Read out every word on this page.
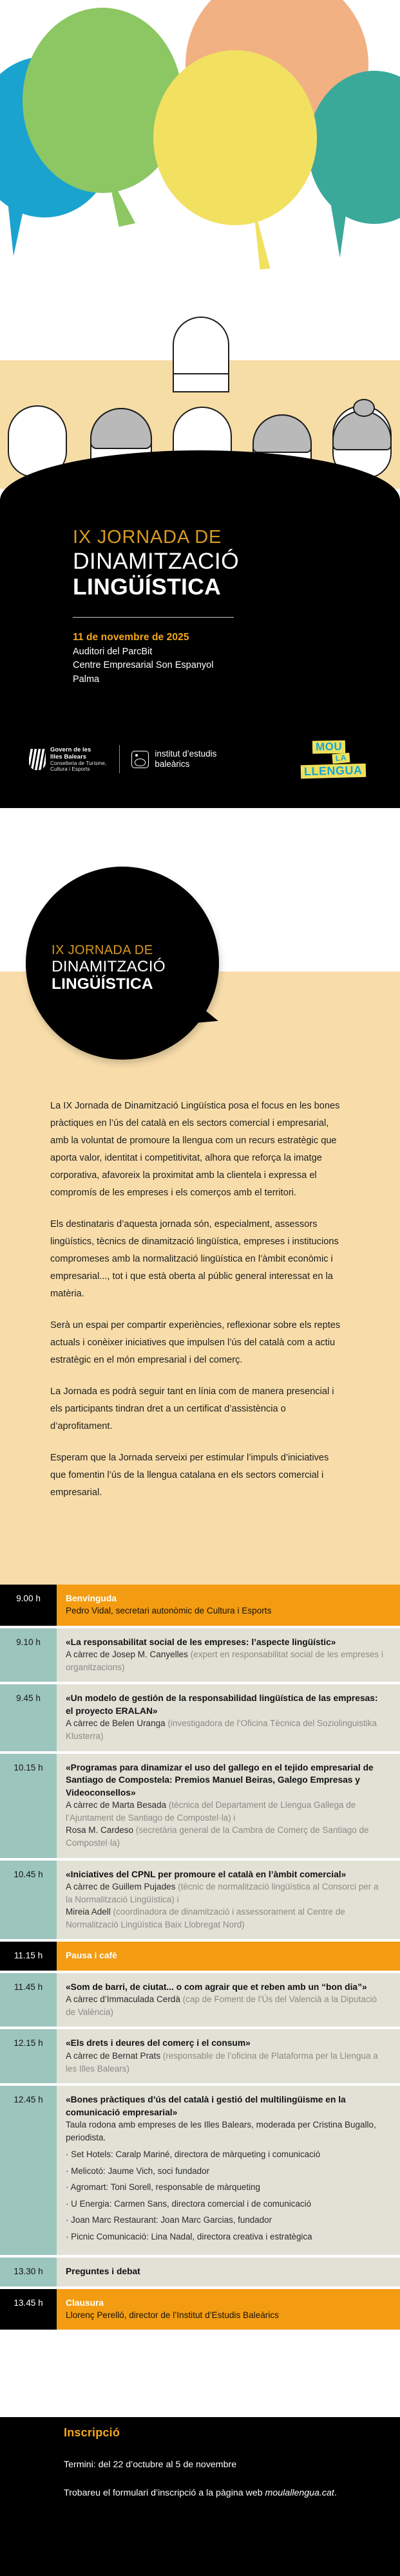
IX JORNADA DE
DINAMITZACIÓ
LINGÜÍSTICA
11 de novembre de 2025
Auditori del ParcBit
Centre Empresarial Son Espanyol
Palma
Govern de les
Illes Balears
Conselleria de Turisme,
Cultura i Esports
institut d’estudis
baleàrics
MOU
LA
LLENGUA
IX JORNADA DE
DINAMITZACIÓ
LINGÜÍSTICA

La IX Jornada de Dinamització Lingüística posa el focus en les bones pràctiques en l’ús del català en els sectors comercial i empresarial, amb la voluntat de promoure la llengua com un recurs estratègic que aporta valor, identitat i competitivitat, alhora que reforça la imatge corporativa, afavoreix la proximitat amb la clientela i expressa el compromís de les empreses i els comerços amb el territori.

Els destinataris d’aquesta jornada són, especialment, assessors lingüístics, tècnics de dinamització lingüística, empreses i institucions compromeses amb la normalització lingüística en l’àmbit econòmic i empresarial..., tot i que està oberta al públic general interessat en la matèria.

Serà un espai per compartir experiències, reflexionar sobre els reptes actuals i conèixer iniciatives que impulsen l’ús del català com a actiu estratègic en el món empresarial i del comerç.

La Jornada es podrà seguir tant en línia com de manera presencial i els participants tindran dret a un certificat d’assistència o d’aprofitament.

Esperam que la Jornada serveixi per estimular l’impuls d’iniciatives que fomentin l’ús de la llengua catalana en els sectors comercial i empresarial.

9.00 h	Benvinguda
Pedro Vidal, secretari autonòmic de Cultura i Esports
9.10 h	«La responsabilitat social de les empreses: l’aspecte lingüístic»
A càrrec de Josep M. Canyelles (expert en responsabilitat social de les empreses i organitzacions)
9.45 h	«Un modelo de gestión de la responsabilidad lingüística de las empresas: el proyecto ERALAN»
A càrrec de Belen Uranga (investigadora de l’Oficina Tècnica del Soziolinguistika Klusterra)
10.15 h	«Programas para dinamizar el uso del gallego en el tejido empresarial de Santiago de Compostela: Premios Manuel Beiras, Galego Empresas y Videoconsellos»
A càrrec de Marta Besada (tècnica del Departament de Llengua Gallega de l’Ajuntament de Santiago de Compostel·la) i
Rosa M. Cardeso (secretària general de la Cambra de Comerç de Santiago de Compostel·la)
10.45 h	«Iniciatives del CPNL per promoure el català en l’àmbit comercial»
A càrrec de Guillem Pujades (tècnic de normalització lingüística al Consorci per a la Normalització Lingüística) i
Mireia Adell (coordinadora de dinamització i assessorament al Centre de Normalització Lingüística Baix Llobregat Nord)
11.15 h	Pausa i cafè
11.45 h	«Som de barri, de ciutat... o com agrair que et reben amb un “bon dia”»
A càrrec d’Immaculada Cerdà (cap de Foment de l’Ús del Valencià a la Diputació de València)
12.15 h	«Els drets i deures del comerç i el consum»
A càrrec de Bernat Prats (responsable de l’oficina de Plataforma per la Llengua a les Illes Balears)
12.45 h	«Bones pràctiques d’ús del català i gestió del multilingüisme en la comunicació empresarial»
Taula rodona amb empreses de les Illes Balears, moderada per Cristina Bugallo, periodista.
· Set Hotels: Caralp Mariné, directora de màrqueting i comunicació
· Melicotó: Jaume Vich, soci fundador
· Agromart: Toni Sorell, responsable de màrqueting
· U Energia: Carmen Sans, directora comercial i de comunicació
· Joan Marc Restaurant: Joan Marc Garcias, fundador
· Picnic Comunicació: Lina Nadal, directora creativa i estratègica
13.30 h	Preguntes i debat
13.45 h	Clausura
Llorenç Perelló, director de l’Institut d’Estudis Baleàrics
Inscripció
Termini: del 22 d’octubre al 5 de novembre
Trobareu el formulari d’inscripció a la pàgina web moulallengua.cat.
